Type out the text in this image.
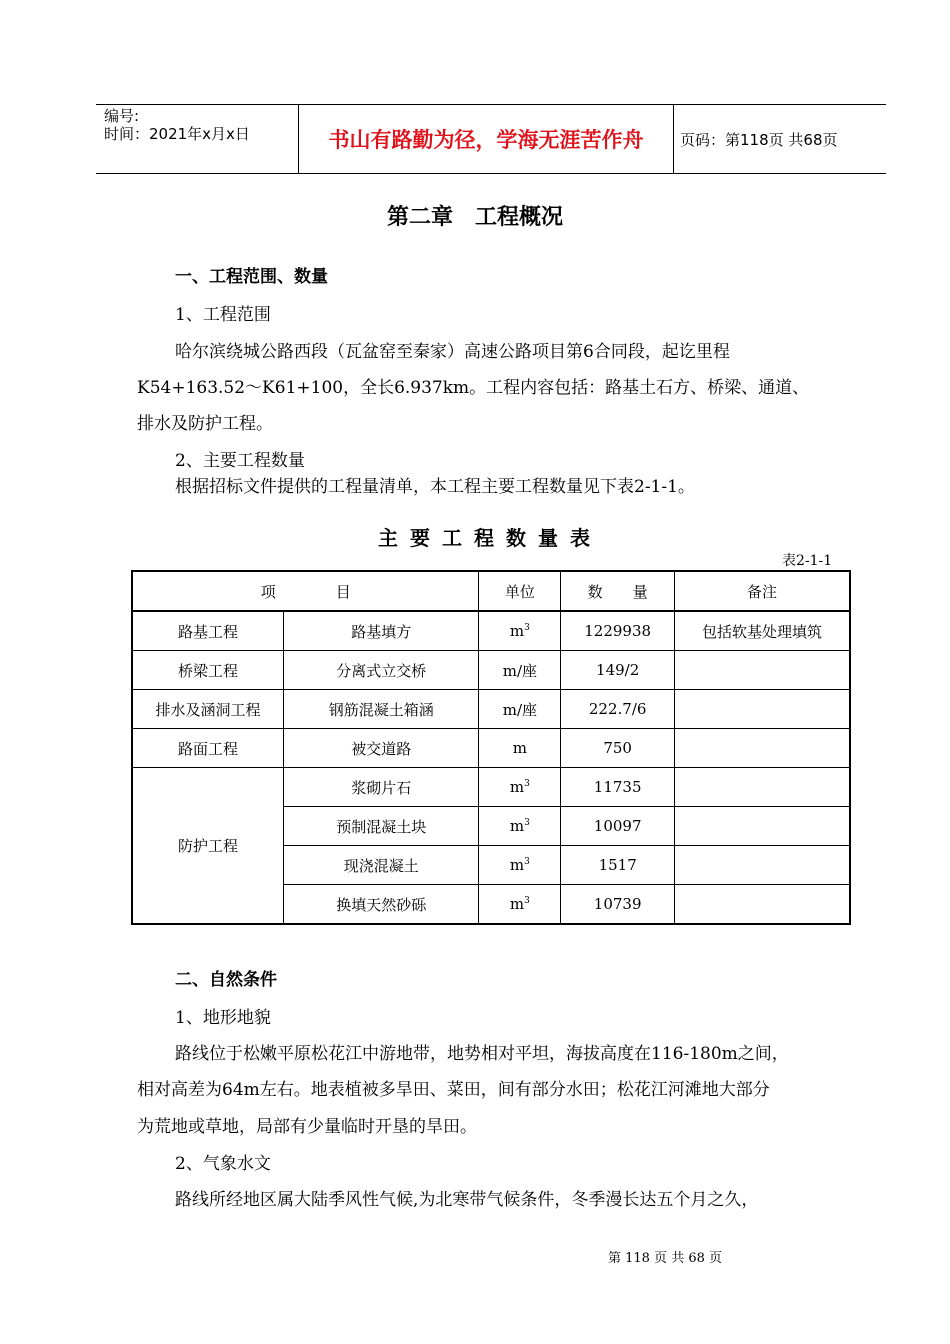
编号:
时间：2021年x月x日	书山有路勤为径，学海无涯苦作舟	页码：第118页 共68页
第二章　工程概况
一、工程范围、数量
1、工程范围
哈尔滨绕城公路西段（瓦盆窑至秦家）高速公路项目第6合同段，起讫里程
K54+163.52～K61+100，全长6.937km。工程内容包括：路基土石方、桥梁、通道、
排水及防护工程。
2、主要工程数量
根据招标文件提供的工程量清单，本工程主要工程数量见下表2-1-1。
主要工程数量表
表2-1-1
项　　　　目		单位	数　　量	备注
路基工程	路基填方	$m^3$	1229938	包括软基处理填筑
桥梁工程	分离式立交桥	m/座	149/2	
排水及涵洞工程	钢筋混凝土箱涵	m/座	222.7/6	
路面工程	被交道路	m	750	
防护工程	浆砌片石	$m^3$	11735	
	预制混凝土块	$m^3$	10097	
	现浇混凝土	$m^3$	1517	
	换填天然砂砾	$m^3$	10739	
二、自然条件
1、地形地貌
路线位于松嫩平原松花江中游地带，地势相对平坦，海拔高度在116-180m之间，
相对高差为64m左右。地表植被多旱田、菜田，间有部分水田；松花江河滩地大部分
为荒地或草地，局部有少量临时开垦的旱田。
2、气象水文
路线所经地区属大陆季风性气候,为北寒带气候条件，冬季漫长达五个月之久，
第 118 页 共 68 页
